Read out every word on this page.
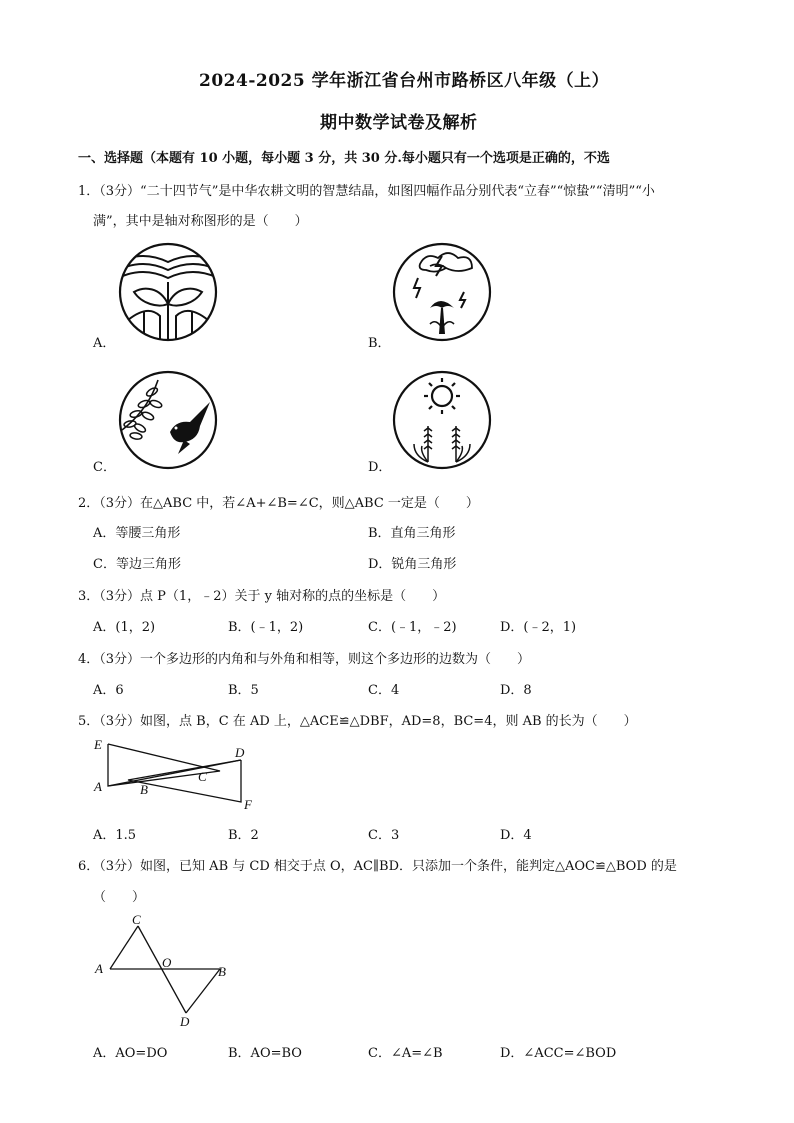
2024-2025 学年浙江省台州市路桥区八年级（上）
期中数学试卷及解析
一、选择题（本题有 10 小题，每小题 3 分，共 30 分.每小题只有一个选项是正确的，不选
1．（3分）“二十四节气”是中华农耕文明的智慧结晶，如图四幅作品分别代表“立春”“惊蛰”“清明”“小
满”，其中是轴对称图形的是（　　）
A．	B．
C．	D．
2．（3分）在△ABC 中，若∠A+∠B=∠C，则△ABC 一定是（　　）
A．等腰三角形	B．直角三角形
C．等边三角形	D．锐角三角形
3．（3分）点 P（1，﹣2）关于 y 轴对称的点的坐标是（　　）
A．(1，2)	B．(﹣1，2)	C．(﹣1，﹣2)	D．(﹣2，1)
4．（3分）一个多边形的内角和与外角和相等，则这个多边形的边数为（　　）
A．6	B．5	C．4	D．8
5．（3分）如图，点 B，C 在 AD 上，△ACE≌△DBF，AD=8，BC=4，则 AB 的长为（　　）
E
D
C
A	B
F
A．1.5	B．2	C．3	D．4
6．（3分）如图，已知 AB 与 CD 相交于点 O，AC∥BD．只添加一个条件，能判定△AOC≌△BOD 的是
（　　）
C
A	O
B
D
A．AO=DO	B．AO=BO	C．∠A=∠B	D．∠ACC=∠BOD
